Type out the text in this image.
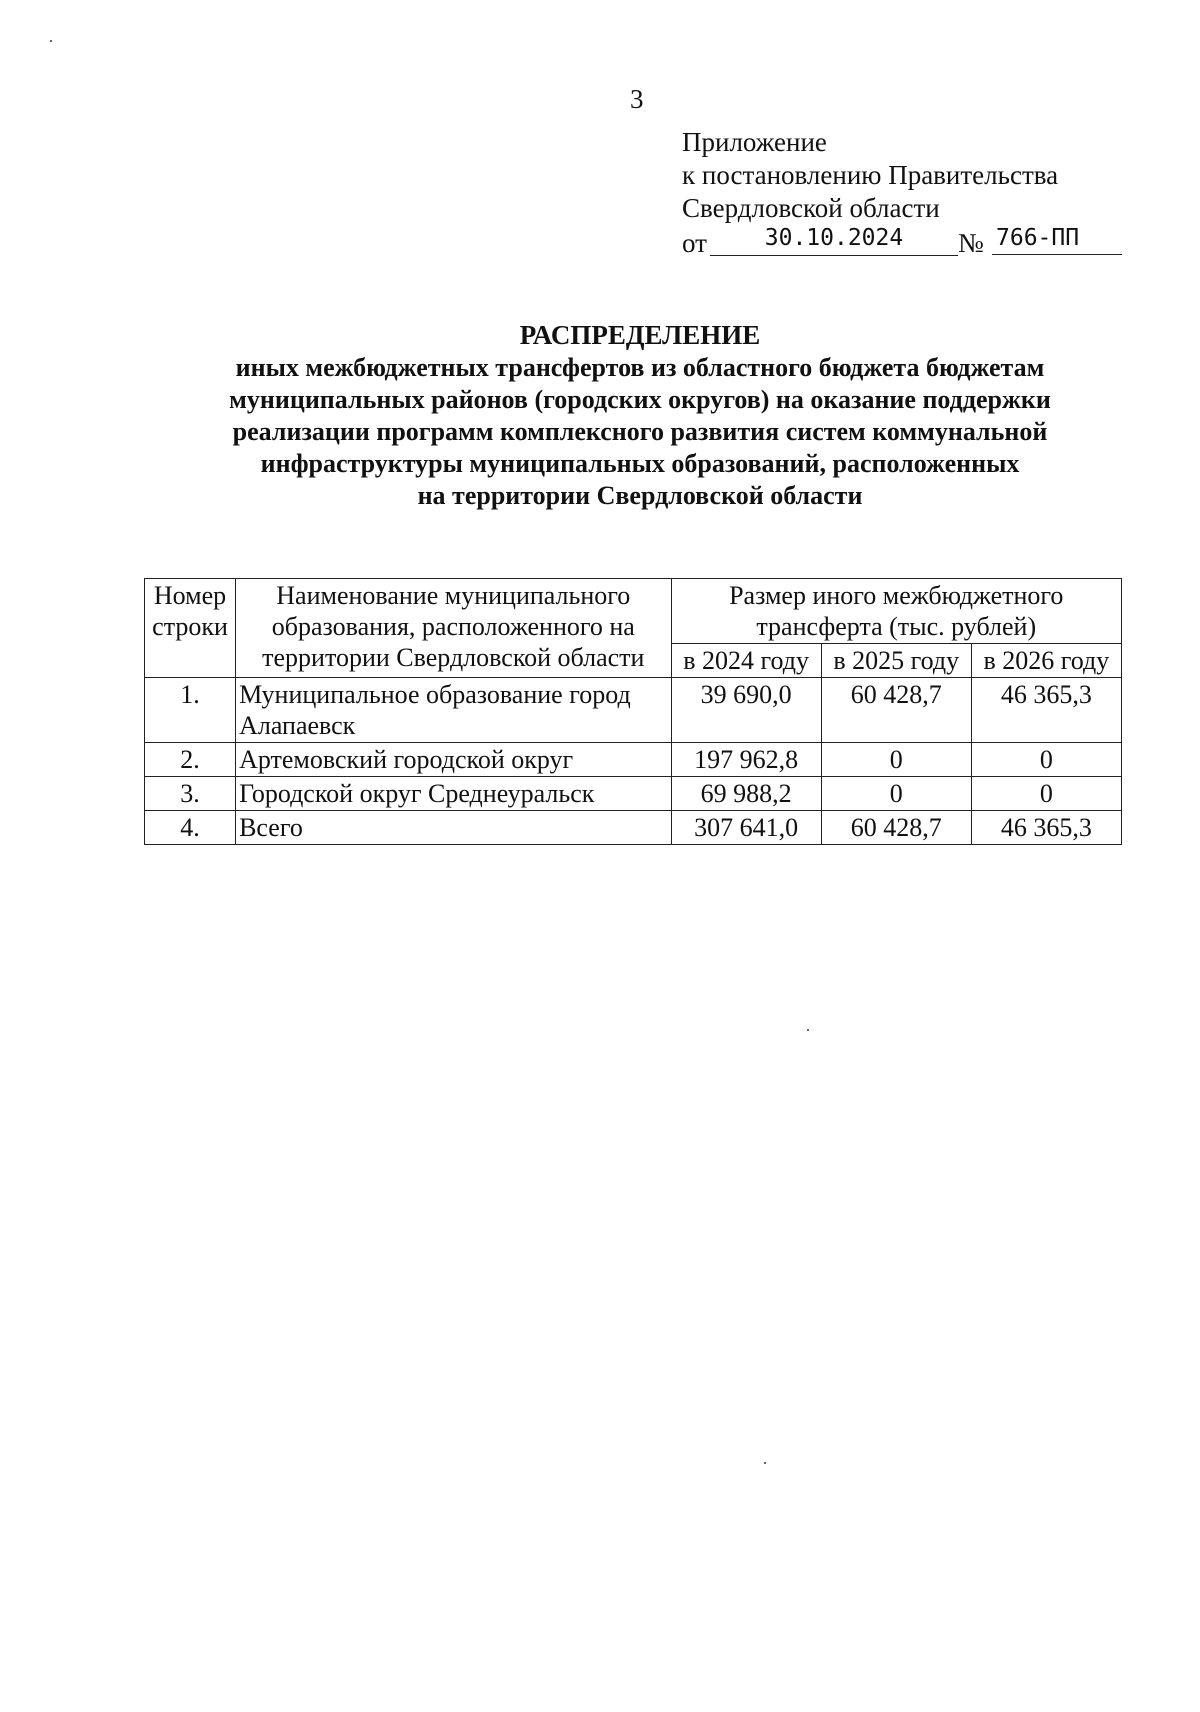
3
Приложение
к постановлению Правительства
Свердловской области
от	30.10.2024	№ 766-ПП
РАСПРЕДЕЛЕНИЕ
иных межбюджетных трансфертов из областного бюджета бюджетам
муниципальных районов (городских округов) на оказание поддержки
реализации программ комплексного развития систем коммунальной
инфраструктуры муниципальных образований, расположенных
на территории Свердловской области
Номер строки	Наименование муниципального образования, расположенного на территории Свердловской области	Размер иного межбюджетного трансферта (тыс. рублей)		
		в 2024 году	в 2025 году	в 2026 году
1.	Муниципальное образование город Алапаевск	39 690,0	60 428,7	46 365,3
2.	Артемовский городской округ	197 962,8	0	0
3.	Городской округ Среднеуральск	69 988,2	0	0
4.	Всего	307 641,0	60 428,7	46 365,3
